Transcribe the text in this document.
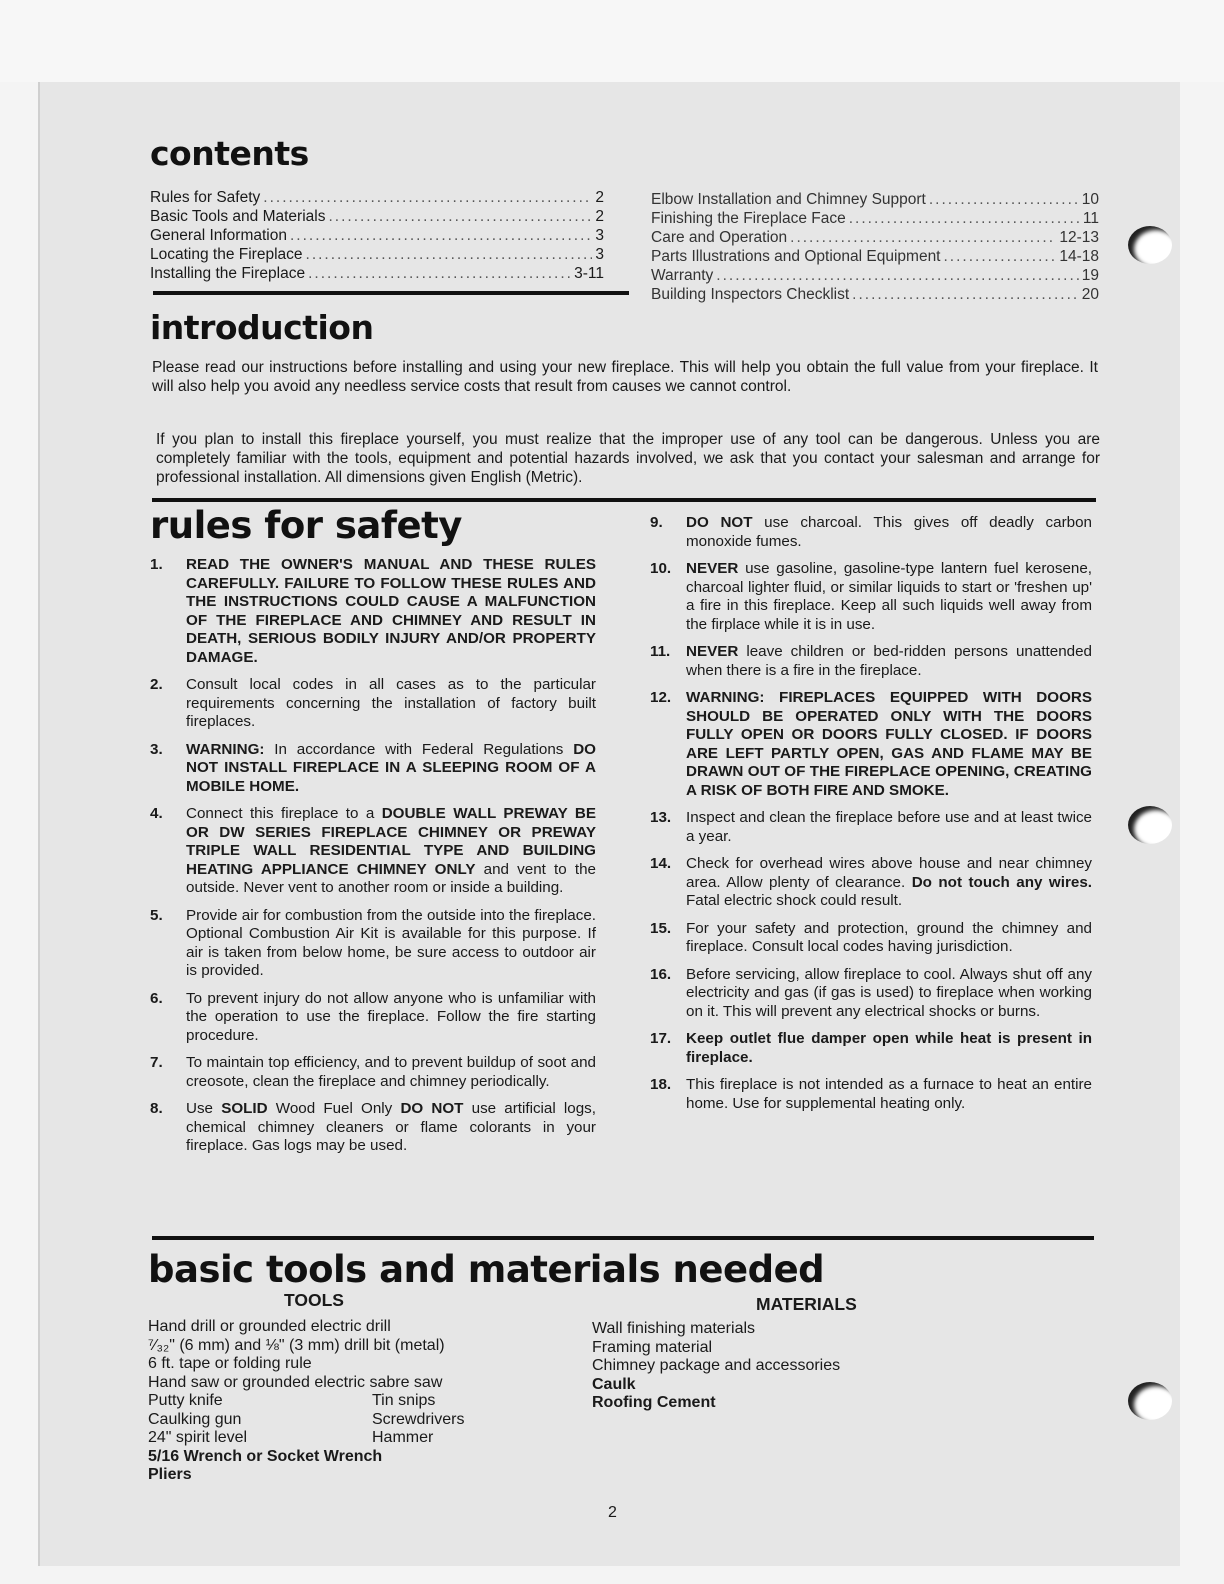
contents
Rules for Safety .....	2
Basic Tools and Materials .....	2
General Information .....	3
Locating the Fireplace .....	3
Installing the Fireplace .....	3-11
Elbow Installation and Chimney Support .....	10
Finishing the Fireplace Face .....	11
Care and Operation .....	12-13
Parts Illustrations and Optional Equipment .....	14-18
Warranty .....	19
Building Inspectors Checklist .....	20
introduction

Please read our instructions before installing and using your new fireplace. This will help you obtain the full value from your fireplace. It will also help you avoid any needless service costs that result from causes we cannot control.

If you plan to install this fireplace yourself, you must realize that the improper use of any tool can be dangerous. Unless you are completely familiar with the tools, equipment and potential hazards involved, we ask that you contact your salesman and arrange for professional installation. All dimensions given English (Metric).

rules for safety
1.	READ THE OWNER'S MANUAL AND THESE RULES CAREFULLY. FAILURE TO FOLLOW THESE RULES AND THE INSTRUCTIONS COULD CAUSE A MALFUNCTION OF THE FIREPLACE AND CHIMNEY AND RESULT IN DEATH, SERIOUS BODILY INJURY AND/OR PROPERTY DAMAGE.
2.	Consult local codes in all cases as to the particular requirements concerning the installation of factory built fireplaces.
3.	WARNING: In accordance with Federal Regulations DO NOT INSTALL FIREPLACE IN A SLEEPING ROOM OF A MOBILE HOME.
4.	Connect this fireplace to a DOUBLE WALL PREWAY BE OR DW SERIES FIREPLACE CHIMNEY OR PREWAY TRIPLE WALL RESIDENTIAL TYPE AND BUILDING HEATING APPLIANCE CHIMNEY ONLY and vent to the outside. Never vent to another room or inside a building.
5.	Provide air for combustion from the outside into the fireplace. Optional Combustion Air Kit is available for this purpose. If air is taken from below home, be sure access to outdoor air is provided.
6.	To prevent injury do not allow anyone who is unfamiliar with the operation to use the fireplace. Follow the fire starting procedure.
7.	To maintain top efficiency, and to prevent buildup of soot and creosote, clean the fireplace and chimney periodically.
8.	Use SOLID Wood Fuel Only DO NOT use artificial logs, chemical chimney cleaners or flame colorants in your fireplace. Gas logs may be used.
9.	DO NOT use charcoal. This gives off deadly carbon monoxide fumes.
10. NEVER use gasoline, gasoline-type lantern fuel kerosene, charcoal lighter fluid, or similar liquids to start or 'freshen up' a fire in this fireplace. Keep all such liquids well away from the firplace while it is in use.
11.	NEVER leave children or bed-ridden persons unattended when there is a fire in the fireplace.
12. WARNING: FIREPLACES EQUIPPED WITH DOORS SHOULD BE OPERATED ONLY WITH THE DOORS FULLY OPEN OR DOORS FULLY CLOSED. IF DOORS ARE LEFT PARTLY OPEN, GAS AND FLAME MAY BE DRAWN OUT OF THE FIREPLACE OPENING, CREATING A RISK OF BOTH FIRE AND SMOKE.
13. Inspect and clean the fireplace before use and at least twice a year.
14. Check for overhead wires above house and near chimney area. Allow plenty of clearance. Do not touch any wires. Fatal electric shock could result.
15. For your safety and protection, ground the chimney and fireplace. Consult local codes having jurisdiction.
16. Before servicing, allow fireplace to cool. Always shut off any electricity and gas (if gas is used) to fireplace when working on it. This will prevent any electrical shocks or burns.
17. Keep outlet flue damper open while heat is present in fireplace.
18. This fireplace is not intended as a furnace to heat an entire home. Use for supplemental heating only.
basic tools and materials needed
TOOLS	MATERIALS
Hand drill or grounded electric drill
⁷⁄₃₂" (6 mm) and ⅛" (3 mm) drill bit (metal)
6 ft. tape or folding rule
Hand saw or grounded electric sabre saw
Putty knife
Caulking gun
24" spirit level
Tin snips
Screwdrivers
Hammer
5/16 Wrench or Socket Wrench
Pliers
Wall finishing materials
Framing material
Chimney package and accessories
Caulk
Roofing Cement
2
